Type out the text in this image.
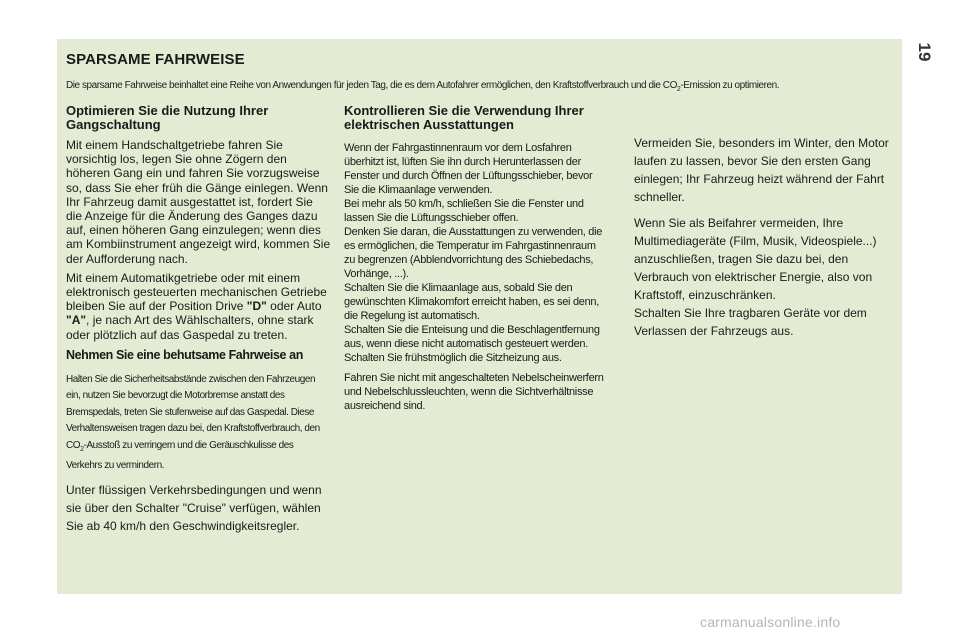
19
SPARSAME FAHRWEISE

Die sparsame Fahrweise beinhaltet eine Reihe von Anwendungen für jeden Tag, die es dem Autofahrer ermöglichen, den Kraftstoffverbrauch und die $CO_2$-Emission zu optimieren.

Optimieren Sie die Nutzung Ihrer Gangschaltung

Mit einem Handschaltgetriebe fahren Sie vorsichtig los, legen Sie ohne Zögern den höheren Gang ein und fahren Sie vorzugsweise so, dass Sie eher früh die Gänge einlegen. Wenn Ihr Fahrzeug damit ausgestattet ist, fordert Sie die Anzeige für die Änderung des Ganges dazu auf, einen höheren Gang einzulegen; wenn dies am Kombiinstrument angezeigt wird, kommen Sie der Aufforderung nach.

Mit einem Automatikgetriebe oder mit einem elektronisch gesteuerten mechanischen Getriebe bleiben Sie auf der Position Drive "D" oder Auto "A", je nach Art des Wählschalters, ohne stark oder plötzlich auf das Gaspedal zu treten.

Nehmen Sie eine behutsame Fahrweise an

Halten Sie die Sicherheitsabstände zwischen den Fahrzeugen ein, nutzen Sie bevorzugt die Motorbremse anstatt des Bremspedals, treten Sie stufenweise auf das Gaspedal. Diese Verhaltensweisen tragen dazu bei, den Kraftstoffverbrauch, den $CO_2$-Ausstoß zu verringern und die Geräuschkulisse des Verkehrs zu vermindern.

Unter flüssigen Verkehrsbedingungen und wenn sie über den Schalter "Cruise" verfügen, wählen Sie ab 40 km/h den Geschwindigkeitsregler.

Kontrollieren Sie die Verwendung Ihrer elektrischen Ausstattungen

Wenn der Fahrgastinnenraum vor dem Losfahren überhitzt ist, lüften Sie ihn durch Herunterlassen der Fenster und durch Öffnen der Lüftungsschieber, bevor Sie die Klimaanlage verwenden.

Bei mehr als 50 km/h, schließen Sie die Fenster und lassen Sie die Lüftungsschieber offen.

Denken Sie daran, die Ausstattungen zu verwenden, die es ermöglichen, die Temperatur im Fahrgastinnenraum zu begrenzen (Abblendvorrichtung des Schiebedachs, Vorhänge, ...).

Schalten Sie die Klimaanlage aus, sobald Sie den gewünschten Klimakomfort erreicht haben, es sei denn, die Regelung ist automatisch.

Schalten Sie die Enteisung und die Beschlagentfernung aus, wenn diese nicht automatisch gesteuert werden.

Schalten Sie frühstmöglich die Sitzheizung aus.

Fahren Sie nicht mit angeschalteten Nebelscheinwerfern und Nebelschlussleuchten, wenn die Sichtverhältnisse ausreichend sind.

Vermeiden Sie, besonders im Winter, den Motor laufen zu lassen, bevor Sie den ersten Gang einlegen; Ihr Fahrzeug heizt während der Fahrt schneller.

Wenn Sie als Beifahrer vermeiden, Ihre Multimediageräte (Film, Musik, Videospiele...) anzuschließen, tragen Sie dazu bei, den Verbrauch von elektrischer Energie, also von Kraftstoff, einzuschränken.

Schalten Sie Ihre tragbaren Geräte vor dem Verlassen der Fahrzeugs aus.

carmanualsonline.info
